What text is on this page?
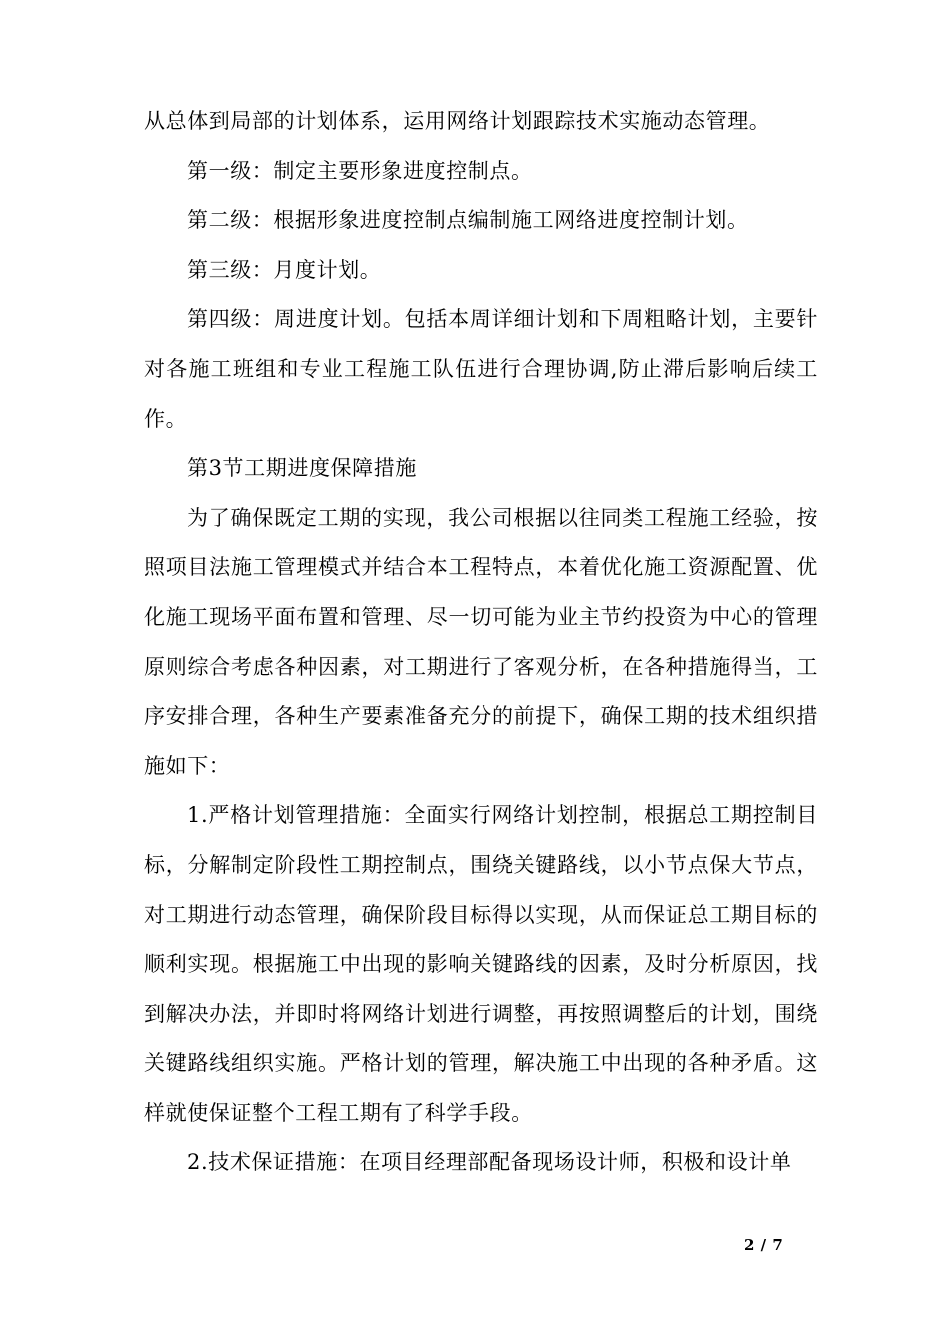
从总体到局部的计划体系，运用网络计划跟踪技术实施动态管理。

第一级：制定主要形象进度控制点。

第二级：根据形象进度控制点编制施工网络进度控制计划。

第三级：月度计划。

第四级：周进度计划。包括本周详细计划和下周粗略计划，主要针对各施工班组和专业工程施工队伍进行合理协调,防止滞后影响后续工作。

第3节工期进度保障措施

为了确保既定工期的实现，我公司根据以往同类工程施工经验，按照项目法施工管理模式并结合本工程特点，本着优化施工资源配置、优化施工现场平面布置和管理、尽一切可能为业主节约投资为中心的管理原则综合考虑各种因素，对工期进行了客观分析，在各种措施得当，工序安排合理，各种生产要素准备充分的前提下，确保工期的技术组织措施如下：

1.严格计划管理措施：全面实行网络计划控制，根据总工期控制目标，分解制定阶段性工期控制点，围绕关键路线，以小节点保大节点，对工期进行动态管理，确保阶段目标得以实现，从而保证总工期目标的顺利实现。根据施工中出现的影响关键路线的因素，及时分析原因，找到解决办法，并即时将网络计划进行调整，再按照调整后的计划，围绕关键路线组织实施。严格计划的管理，解决施工中出现的各种矛盾。这样就使保证整个工程工期有了科学手段。

2.技术保证措施：在项目经理部配备现场设计师，积极和设计单

2 / 7
